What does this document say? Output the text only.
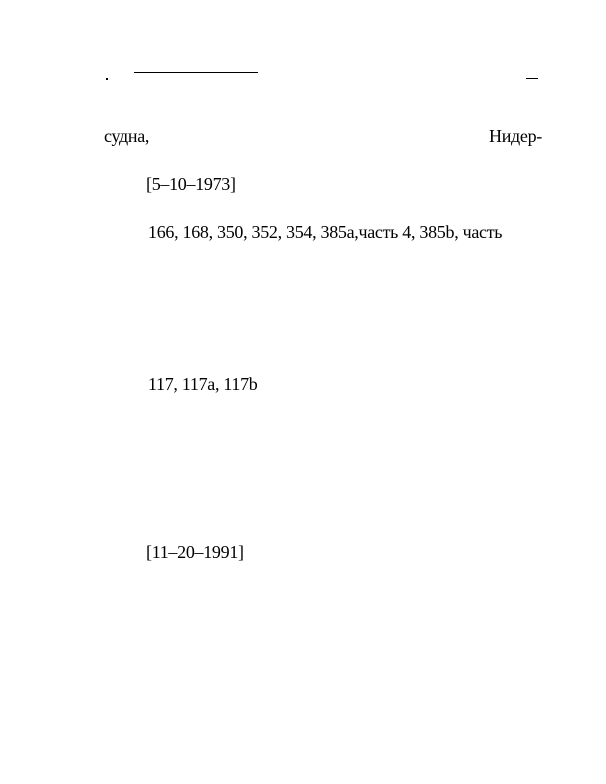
судна,	Нидер-
[5–10–1973]
166, 168, 350, 352, 354, 385a,часть 4, 385b, часть
117, 117a, 117b
[11–20–1991]
